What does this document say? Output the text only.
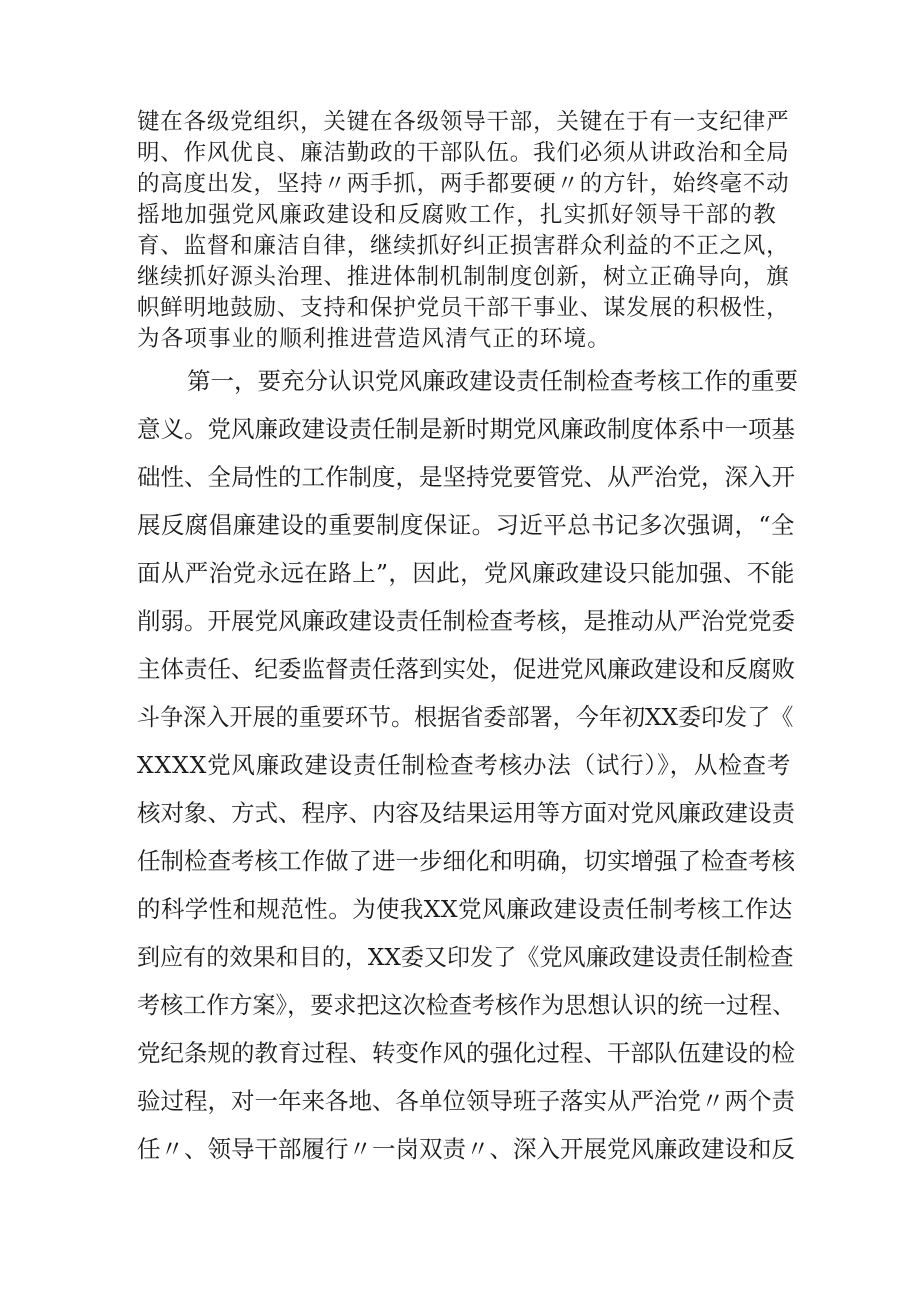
键在各级党组织，关键在各级领导干部，关键在于有一支纪律严
明、作风优良、廉洁勤政的干部队伍。我们必须从讲政治和全局
的高度出发，坚持〃两手抓，两手都要硬〃的方针，始终毫不动
摇地加强党风廉政建设和反腐败工作，扎实抓好领导干部的教
育、监督和廉洁自律，继续抓好纠正损害群众利益的不正之风，
继续抓好源头治理、推进体制机制制度创新，树立正确导向，旗
帜鲜明地鼓励、支持和保护党员干部干事业、谋发展的积极性，
为各项事业的顺利推进营造风清气正的环境。
第一，要充分认识党风廉政建设责任制检查考核工作的重要
意义。党风廉政建设责任制是新时期党风廉政制度体系中一项基
础性、全局性的工作制度，是坚持党要管党、从严治党，深入开
展反腐倡廉建设的重要制度保证。习近平总书记多次强调，“全
面从严治党永远在路上”，因此，党风廉政建设只能加强、不能
削弱。开展党风廉政建设责任制检查考核，是推动从严治党党委
主体责任、纪委监督责任落到实处，促进党风廉政建设和反腐败
斗争深入开展的重要环节。根据省委部署，今年初XX委印发了《
XXXX党风廉政建设责任制检查考核办法（试行）》，从检查考
核对象、方式、程序、内容及结果运用等方面对党风廉政建设责
任制检查考核工作做了进一步细化和明确，切实增强了检查考核
的科学性和规范性。为使我XX党风廉政建设责任制考核工作达
到应有的效果和目的，XX委又印发了《党风廉政建设责任制检查
考核工作方案》，要求把这次检查考核作为思想认识的统一过程、
党纪条规的教育过程、转变作风的强化过程、干部队伍建设的检
验过程，对一年来各地、各单位领导班子落实从严治党〃两个责
任〃、领导干部履行〃一岗双责〃、深入开展党风廉政建设和反
